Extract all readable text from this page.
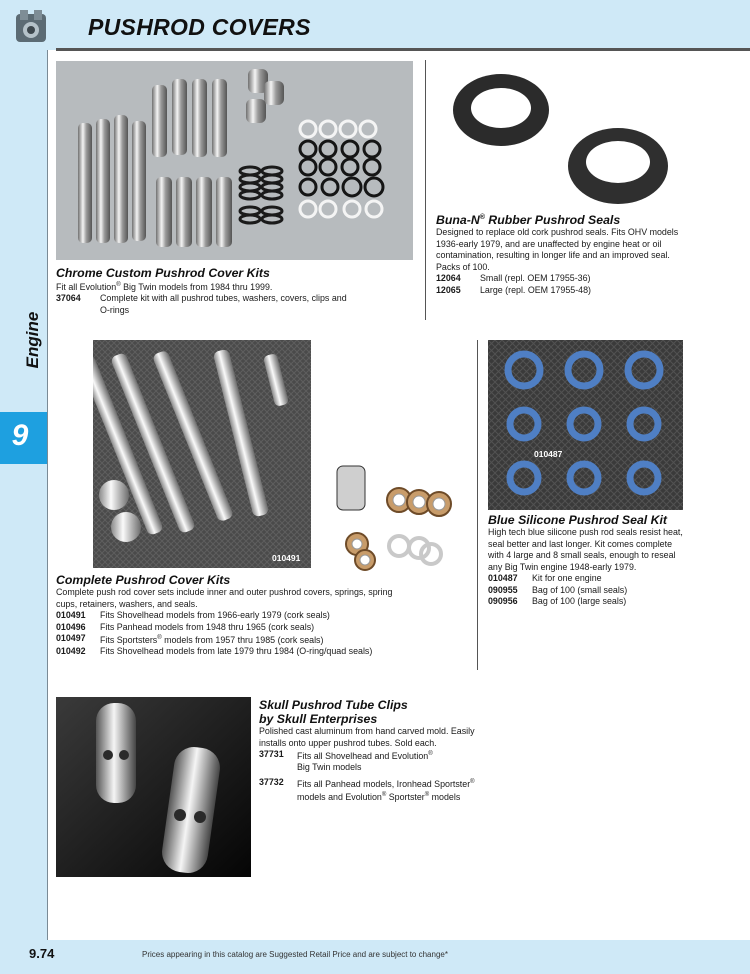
PUSHROD COVERS
Engine
9
Chrome Custom Pushrod Cover Kits
Fit all Evolution® Big Twin models from 1984 thru 1999.
37064	Complete kit with all pushrod tubes, washers, covers, clips and O-rings
Buna-N® Rubber Pushrod Seals
Designed to replace old cork pushrod seals. Fits OHV models 1936-early 1979, and are unaffected by engine heat or oil contamination, resulting in longer life and an improved seal. Packs of 100.
12064	Small (repl. OEM 17955-36)
12065	Large (repl. OEM 17955-48)
010491
010487
Complete Pushrod Cover Kits
Complete push rod cover sets include inner and outer pushrod covers, springs, spring cups, retainers, washers, and seals.
010491	Fits Shovelhead models from 1966-early 1979 (cork seals)
010496	Fits Panhead models from 1948 thru 1965 (cork seals)
010497	Fits Sportsters® models from 1957 thru 1985 (cork seals)
010492	Fits Shovelhead models from late 1979 thru 1984 (O-ring/quad seals)
Blue Silicone Pushrod Seal Kit
High tech blue silicone push rod seals resist heat, seal better and last longer. Kit comes complete with 4 large and 8 small seals, enough to reseal any Big Twin engine 1948-early 1979.
010487	Kit for one engine
090955	Bag of 100 (small seals)
090956	Bag of 100 (large seals)
Skull Pushrod Tube Clips
by Skull Enterprises
Polished cast aluminum from hand carved mold. Easily installs onto upper pushrod tubes. Sold each.
37731	Fits all Shovelhead and Evolution®
Big Twin models
37732	Fits all Panhead models, Ironhead Sportster® models and Evolution® Sportster® models
9.74	Prices appearing in this catalog are Suggested Retail Price and are subject to change*
